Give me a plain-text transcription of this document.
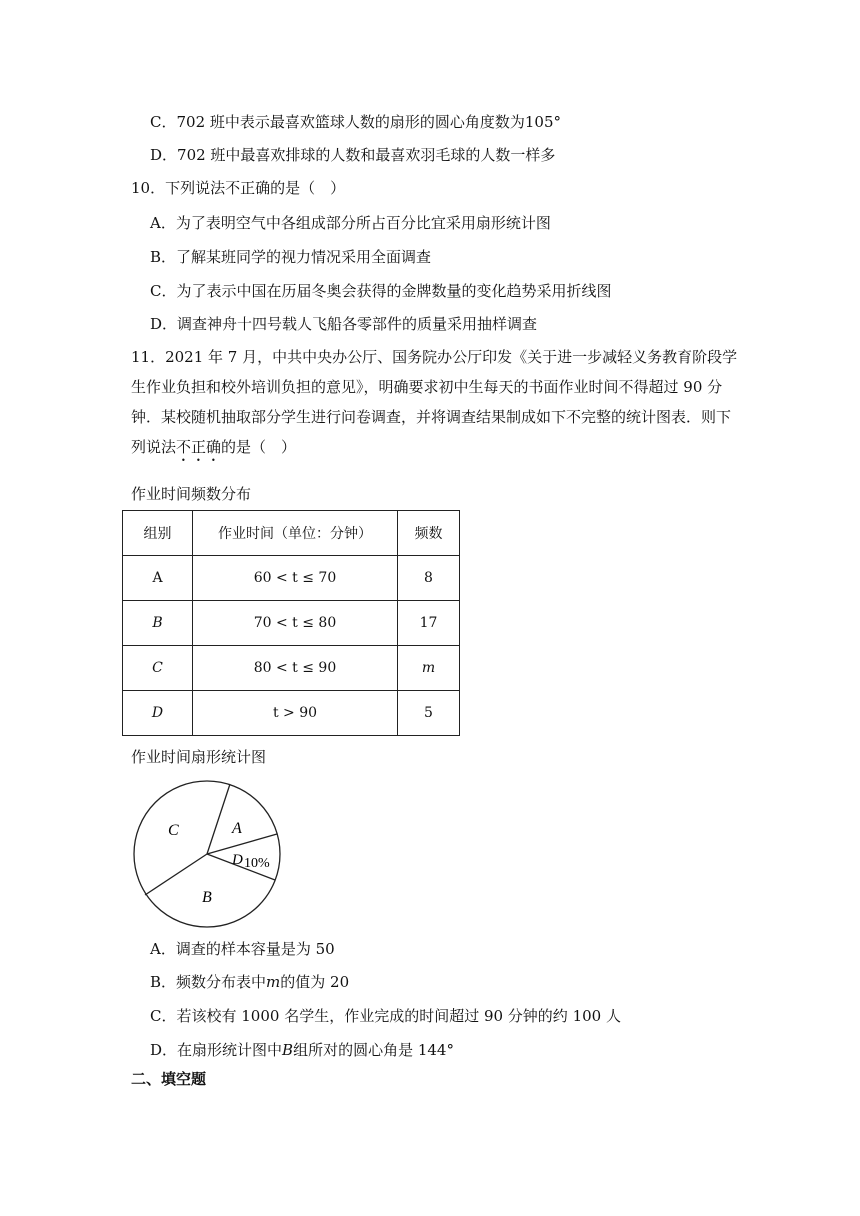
C．702 班中表示最喜欢篮球人数的扇形的圆心角度数为105°
D．702 班中最喜欢排球的人数和最喜欢羽毛球的人数一样多
10．下列说法不正确的是（　）
A．为了表明空气中各组成部分所占百分比宜采用扇形统计图
B．了解某班同学的视力情况采用全面调查
C．为了表示中国在历届冬奥会获得的金牌数量的变化趋势采用折线图
D．调查神舟十四号载人飞船各零部件的质量采用抽样调查
11．2021 年 7 月，中共中央办公厅、国务院办公厅印发《关于进一步减轻义务教育阶段学
生作业负担和校外培训负担的意见》，明确要求初中生每天的书面作业时间不得超过 90 分
钟．某校随机抽取部分学生进行问卷调查，并将调查结果制成如下不完整的统计图表．则下
列说法不正确的是（　）
作业时间频数分布
组别	作业时间（单位：分钟）	频数
A	60 < t ≤ 70	8
B	70 < t ≤ 80	17
C	80 < t ≤ 90	m
D	t > 90	5
作业时间扇形统计图
C	A
D 10%
B
A．调查的样本容量是为 50
B．频数分布表中m的值为 20
C．若该校有 1000 名学生，作业完成的时间超过 90 分钟的约 100 人
D．在扇形统计图中B组所对的圆心角是 144°
二、填空题
